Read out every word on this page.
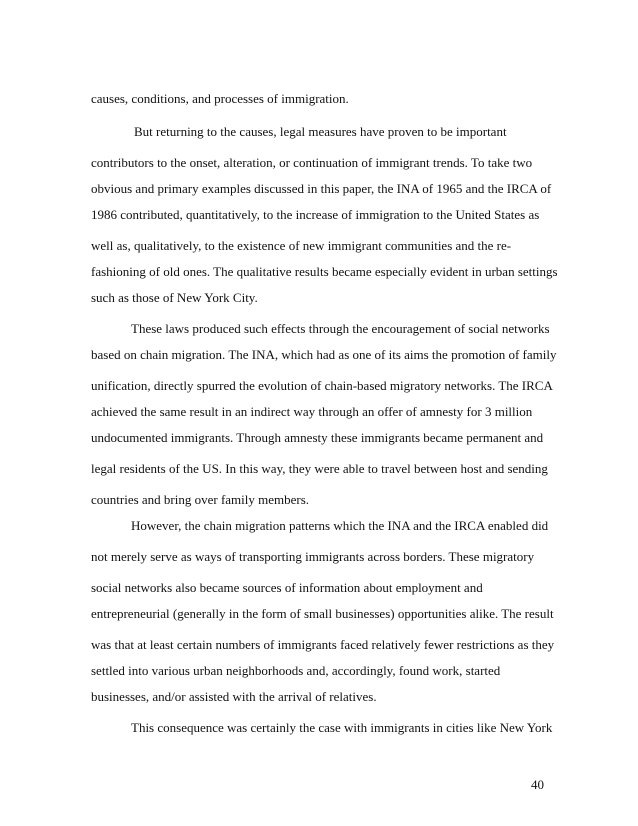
causes, conditions, and processes of immigration.
But returning to the causes, legal measures have proven to be important
contributors to the onset, alteration, or continuation of immigrant trends. To take two
obvious and primary examples discussed in this paper, the INA of 1965 and the IRCA of
1986 contributed, quantitatively, to the increase of immigration to the United States as
well as, qualitatively, to the existence of new immigrant communities and the re-
fashioning of old ones. The qualitative results became especially evident in urban settings
such as those of New York City.
These laws produced such effects through the encouragement of social networks
based on chain migration. The INA, which had as one of its aims the promotion of family
unification, directly spurred the evolution of chain-based migratory networks. The IRCA
achieved the same result in an indirect way through an offer of amnesty for 3 million
undocumented immigrants. Through amnesty these immigrants became permanent and
legal residents of the US. In this way, they were able to travel between host and sending
countries and bring over family members.
However, the chain migration patterns which the INA and the IRCA enabled did
not merely serve as ways of transporting immigrants across borders. These migratory
social networks also became sources of information about employment and
entrepreneurial (generally in the form of small businesses) opportunities alike. The result
was that at least certain numbers of immigrants faced relatively fewer restrictions as they
settled into various urban neighborhoods and, accordingly, found work, started
businesses, and/or assisted with the arrival of relatives.
This consequence was certainly the case with immigrants in cities like New York
40
